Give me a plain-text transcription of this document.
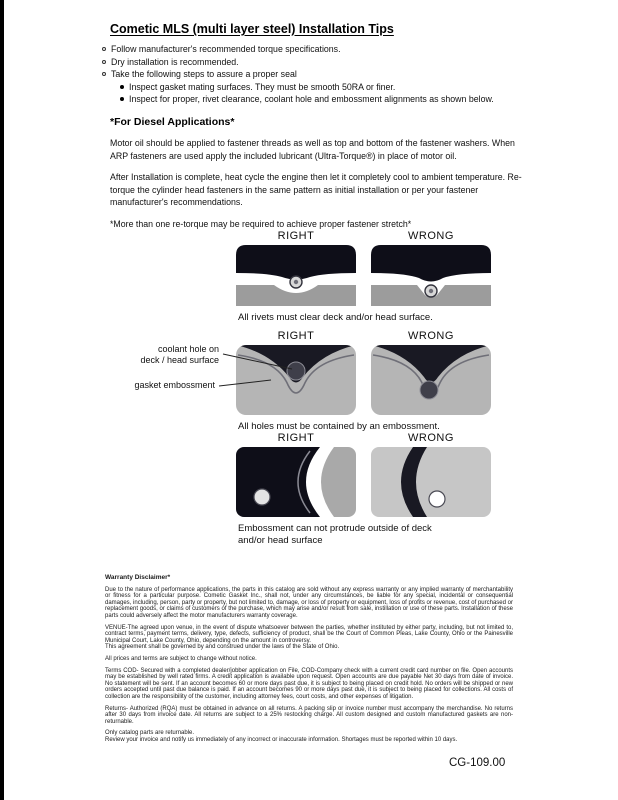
Cometic MLS (multi layer steel) Installation Tips
Follow manufacturer's recommended torque specifications.
Dry installation is recommended.
Take the following steps to assure a proper seal
Inspect gasket mating surfaces. They must be smooth 50RA or finer.
Inspect for proper, rivet clearance, coolant hole and embossment alignments as shown below.
*For Diesel Applications*

Motor oil should be applied to fastener threads as well as top and bottom of the fastener washers. When ARP fasteners are used apply the included lubricant (Ultra-Torque®) in place of motor oil.

After Installation is complete, heat cycle the engine then let it completely cool to ambient temperature. Re-torque the cylinder head fasteners in the same pattern as initial installation or per your fastener manufacturer's recommendations.

*More than one re-torque may be required to achieve proper fastener stretch*

RIGHT	WRONG
All rivets must clear deck and/or head surface.
RIGHT	WRONG
coolant hole on
deck / head surface
gasket embossment
All holes must be contained by an embossment.
RIGHT	WRONG
Embossment can not protrude outside of deck and/or head surface
Warranty Disclaimer*

Due to the nature of performance applications, the parts in this catalog are sold without any express warranty or any implied warranty of merchantability or fitness for a particular purpose. Cometic Gasket Inc., shall not, under any circumstances, be liable for any special, incidental or consequential damages, including, person, party or property, but not limited to, damage, or loss of property or equipment, loss of profits or revenue, cost of purchased or replacement goods, or claims of customers of the purchase, which may arise and/or result from sale, instillation or use of these parts. Installation of these parts could adversely affect the motor manufacturers warranty coverage.

VENUE-The agreed upon venue, in the event of dispute whatsoever between the parties, whether instituted by either party, including, but not limited to, contract terms, payment terms, delivery, type, defects, sufficiency of product, shall be the Court of Common Pleas, Lake County, Ohio or the Painesville Municipal Court, Lake County, Ohio, depending on the amount in controversy.

This agreement shall be governed by and construed under the laws of the State of Ohio.

All prices and terms are subject to change without notice.

Terms COD- Secured with a completed dealer/jobber application on File, COD-Company check with a current credit card number on file. Open accounts may be established by well rated firms. A credit application is available upon request. Open accounts are due payable Net 30 days from date of invoice. No statement will be sent. If an account becomes 60 or more days past due, it is subject to being placed on credit hold. No orders will be shipped or new orders accepted until past due balance is paid. If an account becomes 90 or more days past due, it is subject to being placed for collections. All costs of collection are the responsibility of the customer, including attorney fees, court costs, and other expenses of litigation.

Returns- Authorized (RQA) must be obtained in advance on all returns. A packing slip or invoice number must accompany the merchandise. No returns after 30 days from invoice date. All returns are subject to a 25% restocking charge. All custom designed and custom manufactured gaskets are non-returnable.

Only catalog parts are returnable.

Review your invoice and notify us immediately of any incorrect or inaccurate information. Shortages must be reported within 10 days.

CG-109.00
